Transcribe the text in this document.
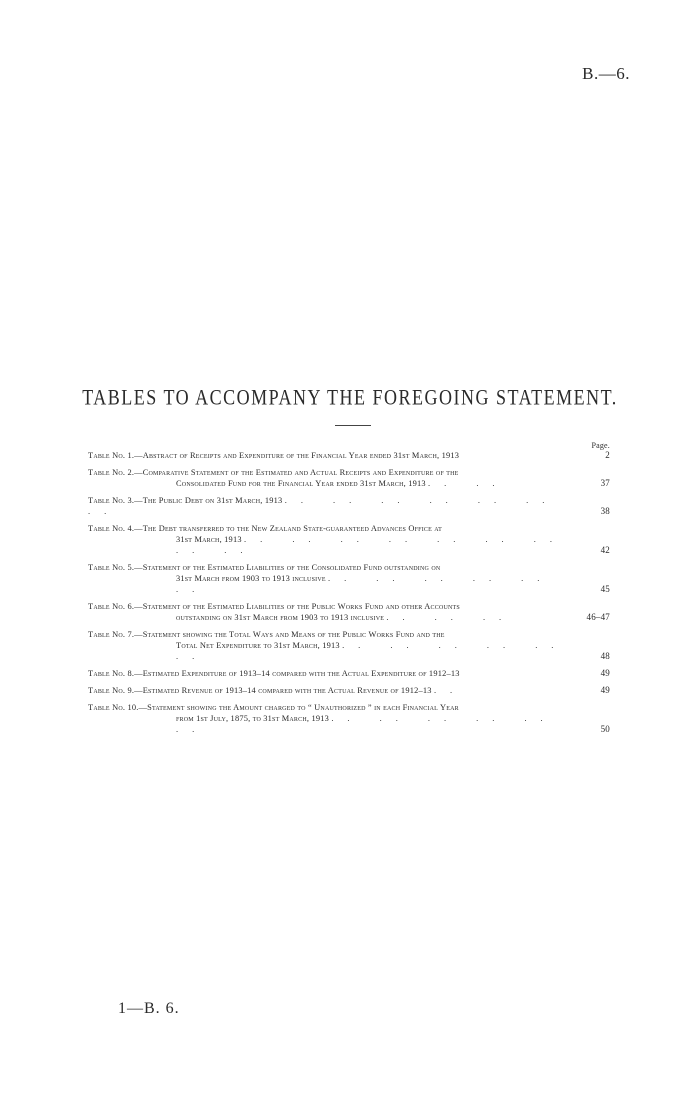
B.—6.
TABLES TO ACCOMPANY THE FOREGOING STATEMENT.
Page.
Table No. 1.—Abstract of Receipts and Expenditure of the Financial Year ended 31st March, 1913	2
Table No. 2.—Comparative Statement of the Estimated and Actual Receipts and Expenditure of the
Consolidated Fund for the Financial Year ended 31st March, 1913 .. ..	37
Table No. 3.—The Public Debt on 31st March, 1913 .. .. .. .. .. .. ..	38
Table No. 4.—The Debt transferred to the New Zealand State-guaranteed Advances Office at
31st March, 1913 .. .. .. .. .. .. .. .. ..	42
Table No. 5.—Statement of the Estimated Liabilities of the Consolidated Fund outstanding on
31st March from 1903 to 1913 inclusive .. .. .. .. .. ..	45
Table No. 6.—Statement of the Estimated Liabilities of the Public Works Fund and other Accounts
outstanding on 31st March from 1903 to 1913 inclusive .. .. ..	46–47
Table No. 7.—Statement showing the Total Ways and Means of the Public Works Fund and the
Total Net Expenditure to 31st March, 1913 .. .. .. .. .. ..	48
Table No. 8.—Estimated Expenditure of 1913–14 compared with the Actual Expenditure of 1912–13	49
Table No. 9.—Estimated Revenue of 1913–14 compared with the Actual Revenue of 1912–13 ..	49
Table No. 10.—Statement showing the Amount charged to “ Unauthorized ” in each Financial Year
from 1st July, 1875, to 31st March, 1913 .. .. .. .. .. ..	50
1—B. 6.
